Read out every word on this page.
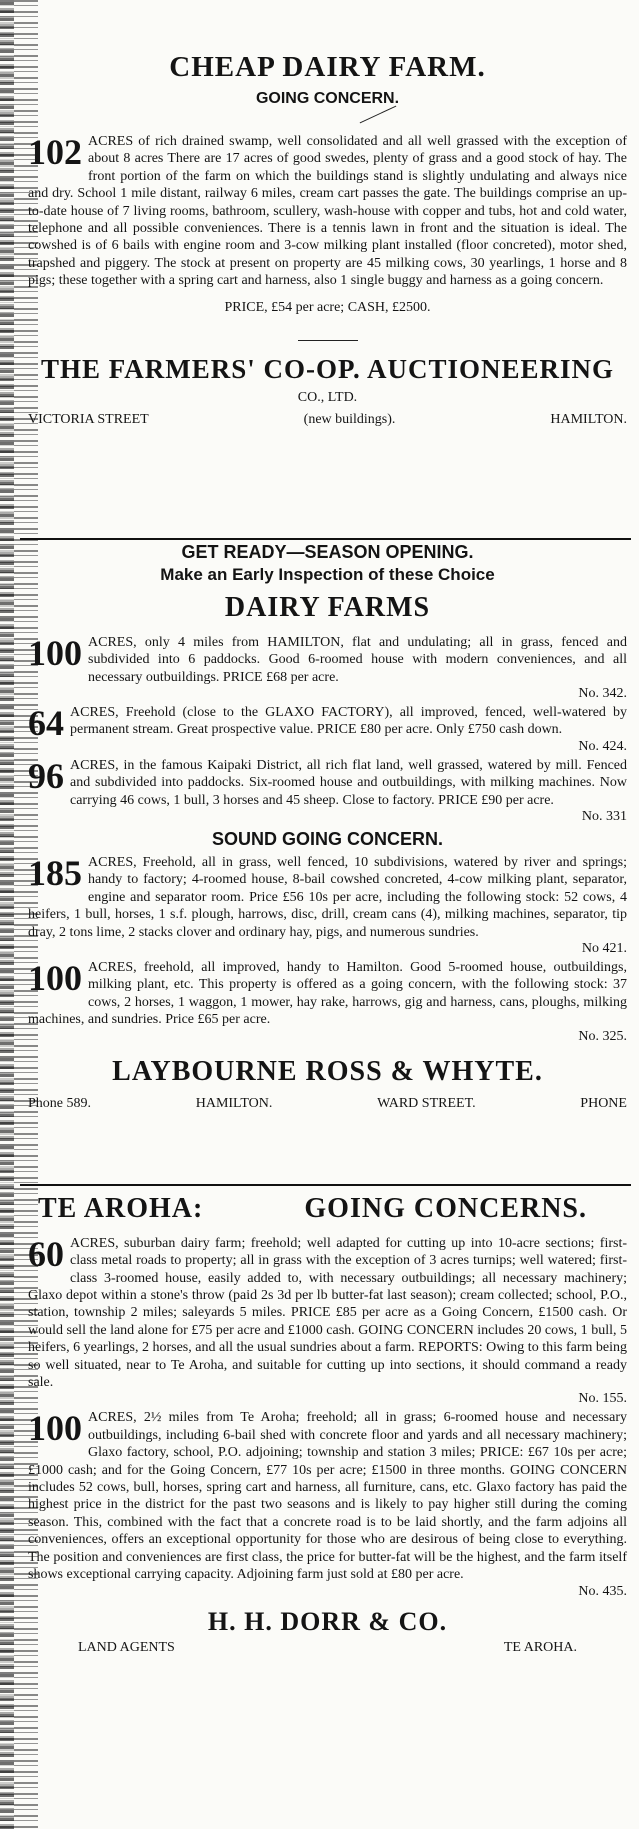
CHEAP DAIRY FARM.
GOING CONCERN.
102 ACRES of rich drained swamp, well consolidated and all well grassed with the exception of about 8 acres There are 17 acres of good swedes, plenty of grass and a good stock of hay. The front portion of the farm on which the buildings stand is slightly undulating and always nice and dry. School 1 mile distant, railway 6 miles, cream cart passes the gate. The buildings comprise an up-to-date house of 7 living rooms, bathroom, scullery, wash-house with copper and tubs, hot and cold water, telephone and all possible conveniences. There is a tennis lawn in front and the situation is ideal. The cowshed is of 6 bails with engine room and 3-cow milking plant installed (floor concreted), motor shed, trapshed and piggery. The stock at present on property are 45 milking cows, 30 yearlings, 1 horse and 8 pigs; these together with a spring cart and harness, also 1 single buggy and harness as a going concern.

PRICE, £54 per acre; CASH, £2500.
THE FARMERS' CO-OP. AUCTIONEERING
CO., LTD.
VICTORIA STREET	(new buildings).	HAMILTON.
GET READY—SEASON OPENING.
Make an Early Inspection of these Choice
DAIRY FARMS
100 ACRES, only 4 miles from HAMILTON, flat and undulating; all in grass, fenced and subdivided into 6 paddocks. Good 6-roomed house with modern conveniences, and all necessary outbuildings. PRICE £68 per acre.

No. 342.
64 ACRES, Freehold (close to the GLAXO FACTORY), all improved, fenced, well-watered by permanent stream. Great prospective value. PRICE £80 per acre. Only £750 cash down.

No. 424.
96 ACRES, in the famous Kaipaki District, all rich flat land, well grassed, watered by mill. Fenced and subdivided into paddocks. Six-roomed house and outbuildings, with milking machines. Now carrying 46 cows, 1 bull, 3 horses and 45 sheep. Close to factory. PRICE £90 per acre.

No. 331
SOUND GOING CONCERN.
185 ACRES, Freehold, all in grass, well fenced, 10 subdivisions, watered by river and springs; handy to factory; 4-roomed house, 8-bail cowshed concreted, 4-cow milking plant, separator, engine and separator room. Price £56 10s per acre, including the following stock: 52 cows, 4 heifers, 1 bull, horses, 1 s.f. plough, harrows, disc, drill, cream cans (4), milking machines, separator, tip dray, 2 tons lime, 2 stacks clover and ordinary hay, pigs, and numerous sundries.

No 421.
100 ACRES, freehold, all improved, handy to Hamilton. Good 5-roomed house, outbuildings, milking plant, etc. This property is offered as a going concern, with the following stock: 37 cows, 2 horses, 1 waggon, 1 mower, hay rake, harrows, gig and harness, cans, ploughs, milking machines, and sundries. Price £65 per acre.

No. 325.
LAYBOURNE ROSS & WHYTE.
Phone 589.	HAMILTON.	WARD STREET.	PHONE
TE AROHA:	GOING CONCERNS.
60 ACRES, suburban dairy farm; freehold; well adapted for cutting up into 10-acre sections; first-class metal roads to property; all in grass with the exception of 3 acres turnips; well watered; first-class 3-roomed house, easily added to, with necessary outbuildings; all necessary machinery; Glaxo depot within a stone's throw (paid 2s 3d per lb butter-fat last season); cream collected; school, P.O., station, township 2 miles; saleyards 5 miles. PRICE £85 per acre as a Going Concern, £1500 cash. Or would sell the land alone for £75 per acre and £1000 cash. GOING CONCERN includes 20 cows, 1 bull, 5 heifers, 6 yearlings, 2 horses, and all the usual sundries about a farm. REPORTS: Owing to this farm being so well situated, near to Te Aroha, and suitable for cutting up into sections, it should command a ready sale.

No. 155.
100 ACRES, 2½ miles from Te Aroha; freehold; all in grass; 6-roomed house and necessary outbuildings, including 6-bail shed with concrete floor and yards and all necessary machinery; Glaxo factory, school, P.O. adjoining; township and station 3 miles; PRICE: £67 10s per acre; £1000 cash; and for the Going Concern, £77 10s per acre; £1500 in three months. GOING CONCERN includes 52 cows, bull, horses, spring cart and harness, all furniture, cans, etc. Glaxo factory has paid the highest price in the district for the past two seasons and is likely to pay higher still during the coming season. This, combined with the fact that a concrete road is to be laid shortly, and the farm adjoins all conveniences, offers an exceptional opportunity for those who are desirous of being close to everything. The position and conveniences are first class, the price for butter-fat will be the highest, and the farm itself shows exceptional carrying capacity. Adjoining farm just sold at £80 per acre.

No. 435.
H. H. DORR & CO.
LAND AGENTS	TE AROHA.
